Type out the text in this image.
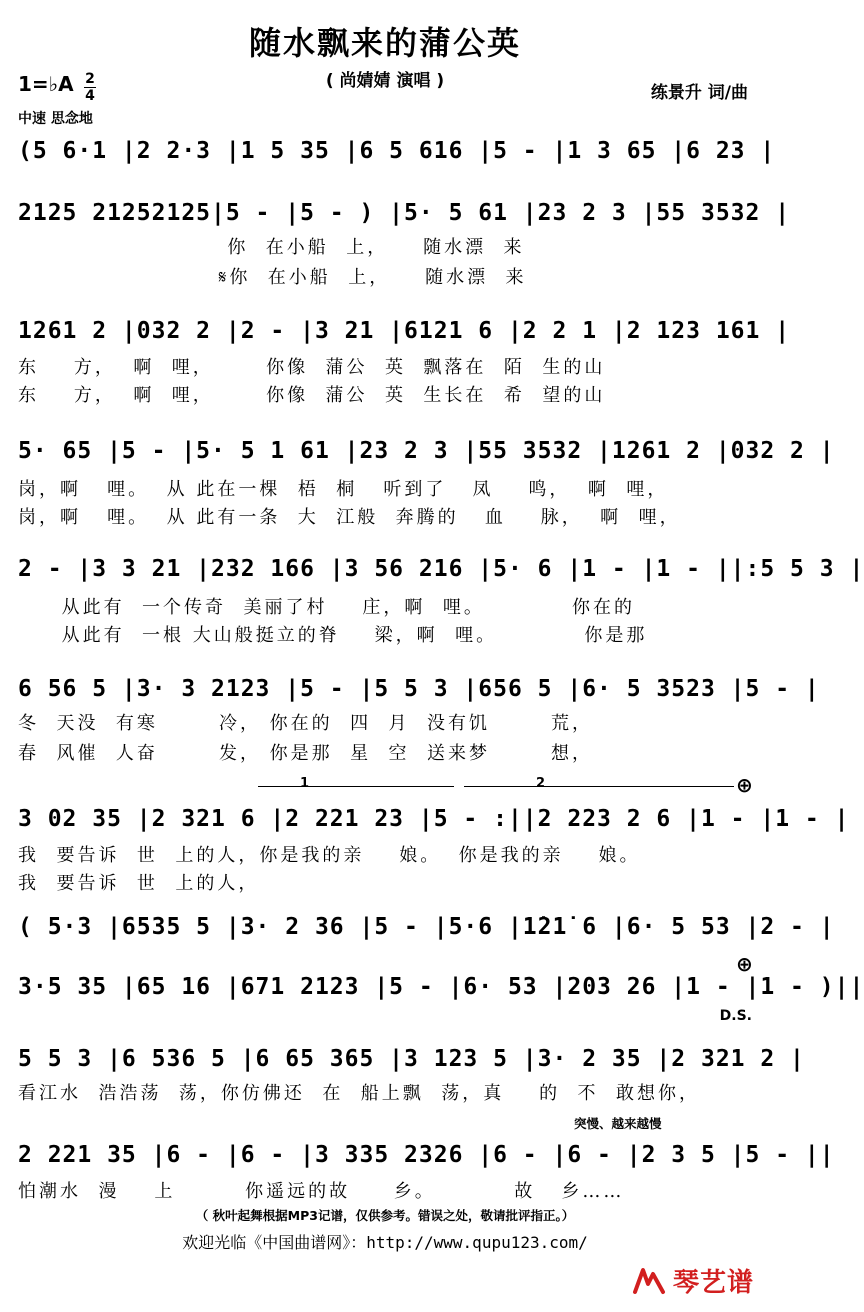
随水飘来的蒲公英
( 尚婧婧 演唱 )
1=♭A 2
4	练景升 词/曲
中速 思念地
(5 6·1 |2 2·3 |1 5 35 |6 5 616 |5 - |1 3 65 |6 23 |
2125 21252125|5 - |5 - ) |5· 5 61 |23 2 3 |55 3532 |
你  在小船  上，    随水漂  来
𝄋你  在小船  上，    随水漂  来
1261 2 |032 2 |2 - |3 21 |6121 6 |2 2 1 |2 123 161 |
东    方，  啊  哩，      你像  蒲公  英  飘落在  陌  生的山
东    方，  啊  哩，      你像  蒲公  英  生长在  希  望的山
5· 65 |5 - |5· 5 1 61 |23 2 3 |55 3532 |1261 2 |032 2 |
岗，啊   哩。  从 此在一棵  梧  桐   听到了   凤    鸣，  啊  哩，
岗，啊   哩。  从 此有一条  大  江般  奔腾的   血    脉，  啊  哩，
2 - |3 3 21 |232 166 |3 56 216 |5· 6 |1 - |1 - ||:5 5 3 |
从此有  一个传奇  美丽了村    庄，啊  哩。          你在的
从此有  一根 大山般挺立的脊    梁，啊  哩。          你是那
6 56 5 |3· 3 2123 |5 - |5 5 3 |656 5 |6· 5 3523 |5 - |
冬  天没  有寒       冷， 你在的  四  月  没有饥       荒，
春  风催  人奋       发， 你是那  星  空  送来梦       想，
1	2	⊕
3 02 35 |2 321 6 |2 221 23 |5 - :||2 223 2 6 |1 - |1 - |
我  要告诉  世  上的人，你是我的亲    娘。  你是我的亲    娘。
我  要告诉  世  上的人，
( 5·3 |6535 5 |3· 2 36 |5 - |5·6 |1̇21̇ 6 |6· 5 53 |2 - |
⊕
3·5 35 |65 16 |671 2123 |5 - |6· 53 |203 26 |1 - |1 - )||
D.S.
5 5 3 |6 536 5 |6 65 365 |3 123 5 |3· 2 35 |2 321 2 |
看江水  浩浩荡  荡，你仿佛还  在  船上飘  荡，真    的  不  敢想你，
突慢、越来越慢
2 221 35 |6 - |6 - |3 335 2326 |6 - |6 - |2 3 5 |5 - ||
怕潮水  漫    上        你遥远的故     乡。         故   乡……
（ 秋叶起舞根据MP3记谱，仅供参考。错误之处，敬请批评指正。）
欢迎光临《中国曲谱网》：http://www.qupu123.com/
琴艺谱
